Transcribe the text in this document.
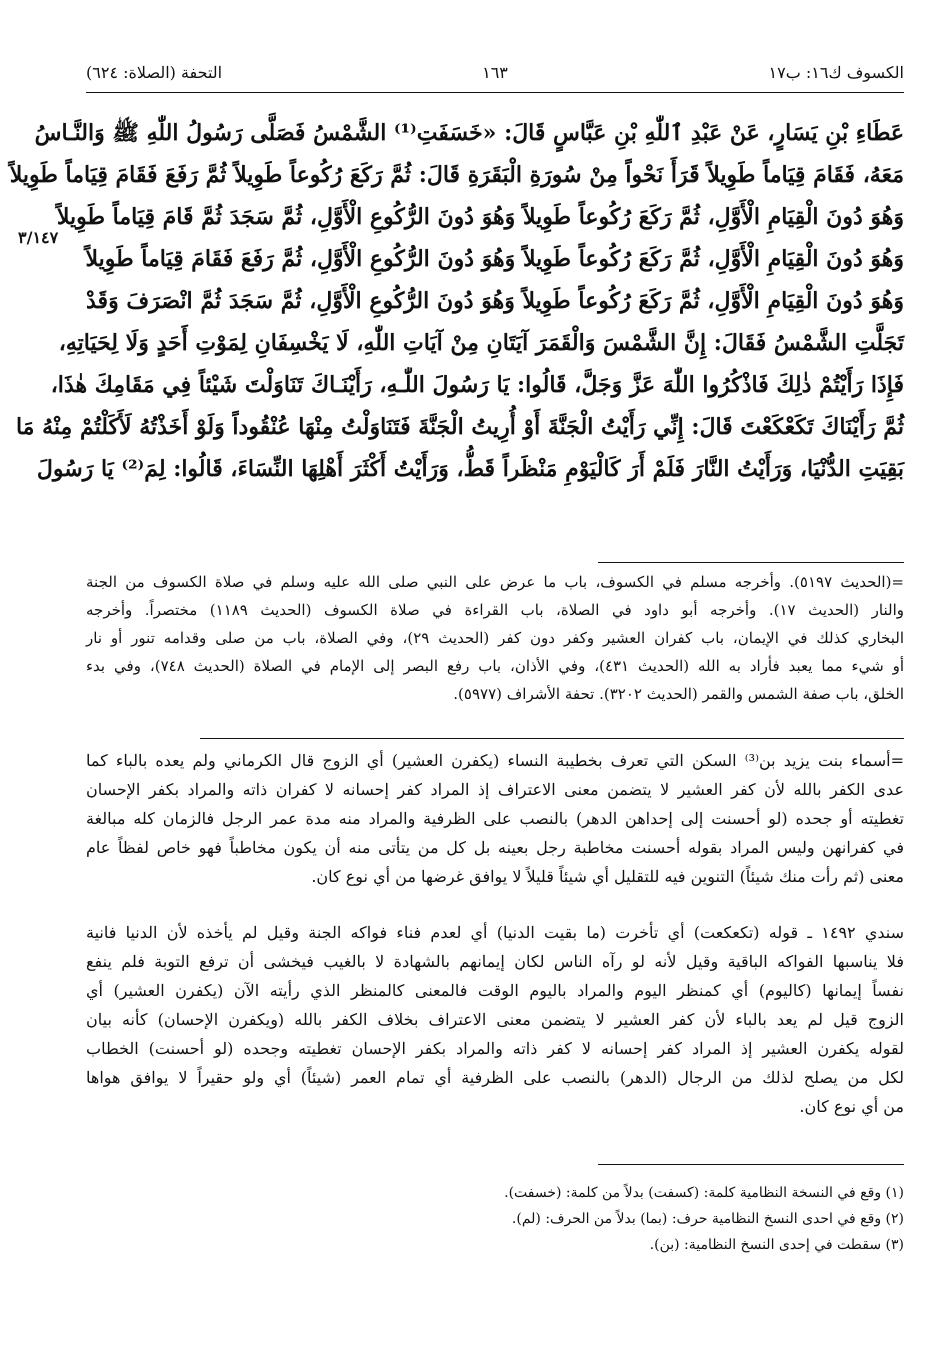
الكسوف ك١٦: ب١٧
١٦٣
التحفة (الصلاة: ٦٢٤)
٣/١٤٧
عَطَاءِ بْنِ يَسَارٍ، عَنْ عَبْدِ ٱللّٰهِ بْنِ عَبَّاسٍ قَالَ: «خَسَفَتِ⁽¹⁾ الشَّمْسُ فَصَلَّى رَسُولُ اللّٰهِ ﷺ وَالنَّـاسُ
مَعَهُ، فَقَامَ قِيَاماً طَوِيلاً قَرَأَ نَحْواً مِنْ سُورَةِ الْبَقَرَةِ قَالَ: ثُمَّ رَكَعَ رُكُوعاً طَوِيلاً ثُمَّ رَفَعَ فَقَامَ قِيَاماً طَوِيلاً
وَهُوَ دُونَ الْقِيَامِ الْأَوَّلِ، ثُمَّ رَكَعَ رُكُوعاً طَوِيلاً وَهُوَ دُونَ الرُّكُوعِ الْأَوَّلِ، ثُمَّ سَجَدَ ثُمَّ قَامَ قِيَاماً طَوِيلاً
وَهُوَ دُونَ الْقِيَامِ الْأَوَّلِ، ثُمَّ رَكَعَ رُكُوعاً طَوِيلاً وَهُوَ دُونَ الرُّكُوعِ الْأَوَّلِ، ثُمَّ رَفَعَ فَقَامَ قِيَاماً طَوِيلاً
وَهُوَ دُونَ الْقِيَامِ الْأَوَّلِ، ثُمَّ رَكَعَ رُكُوعاً طَوِيلاً وَهُوَ دُونَ الرُّكُوعِ الْأَوَّلِ، ثُمَّ سَجَدَ ثُمَّ انْصَرَفَ وَقَدْ
تَجَلَّتِ الشَّمْسُ فَقَالَ: إِنَّ الشَّمْسَ وَالْقَمَرَ آيَتَانِ مِنْ آيَاتِ اللّٰهِ، لَا يَخْسِفَانِ لِمَوْتِ أَحَدٍ وَلَا لِحَيَاتِهِ،
فَإِذَا رَأَيْتُمْ ذٰلِكَ فَاذْكُرُوا اللّٰهَ عَزَّ وَجَلَّ، قَالُوا: يَا رَسُولَ اللّٰـهِ، رَأَيْنَـاكَ تَنَاوَلْتَ شَيْئاً فِي مَقَامِكَ هٰذَا،
ثُمَّ رَأَيْنَاكَ تَكَعْكَعْتَ قَالَ: إِنِّي رَأَيْتُ الْجَنَّةَ أَوْ أُرِيتُ الْجَنَّةَ فَتَنَاوَلْتُ مِنْهَا عُنْقُوداً وَلَوْ أَخَذْتُهُ لَأَكَلْتُمْ مِنْهُ مَا
بَقِيَتِ الدُّنْيَا، وَرَأَيْتُ النَّارَ فَلَمْ أَرَ كَالْيَوْمِ مَنْظَراً قَطُّ، وَرَأَيْتُ أَكْثَرَ أَهْلِهَا النِّسَاءَ، قَالُوا: لِمَ⁽²⁾ يَا رَسُولَ
=(الحديث ٥١٩٧). وأخرجه مسلم في الكسوف، باب ما عرض على النبي صلى الله عليه وسلم في صلاة الكسوف من الجنة
والنار (الحديث ١٧). وأخرجه أبو داود في الصلاة، باب القراءة في صلاة الكسوف (الحديث ١١٨٩) مختصراً. وأخرجه
البخاري كذلك في الإيمان، باب كفران العشير وكفر دون كفر (الحديث ٢٩)، وفي الصلاة، باب من صلى وقدامه تنور أو نار
أو شيء مما يعبد فأراد به الله (الحديث ٤٣١)، وفي الأذان، باب رفع البصر إلى الإمام في الصلاة (الحديث ٧٤٨)، وفي بدء
الخلق، باب صفة الشمس والقمر (الحديث ٣٢٠٢). تحفة الأشراف (٥٩٧٧).
=أسماء بنت يزيد بن⁽³⁾ السكن التي تعرف بخطيبة النساء (يكفرن العشير) أي الزوج قال الكرماني ولم يعده بالباء كما
عدى الكفر بالله لأن كفر العشير لا يتضمن معنى الاعتراف إذ المراد كفر إحسانه لا كفران ذاته والمراد بكفر الإحسان
تغطيته أو جحده (لو أحسنت إلى إحداهن الدهر) بالنصب على الظرفية والمراد منه مدة عمر الرجل فالزمان كله مبالغة
في كفرانهن وليس المراد بقوله أحسنت مخاطبة رجل بعينه بل كل من يتأتى منه أن يكون مخاطباً فهو خاص لفظاً عام
معنى (ثم رأت منك شيئاً) التنوين فيه للتقليل أي شيئاً قليلاً لا يوافق غرضها من أي نوع كان.
سندي ١٤٩٢ ـ قوله (تكعكعت) أي تأخرت (ما بقيت الدنيا) أي لعدم فناء فواكه الجنة وقيل لم يأخذه لأن الدنيا فانية
فلا يناسبها الفواكه الباقية وقيل لأنه لو رآه الناس لكان إيمانهم بالشهادة لا بالغيب فيخشى أن ترفع التوبة فلم ينفع
نفساً إيمانها (كاليوم) أي كمنظر اليوم والمراد باليوم الوقت فالمعنى كالمنظر الذي رأيته الآن (يكفرن العشير) أي
الزوج قيل لم يعد بالباء لأن كفر العشير لا يتضمن معنى الاعتراف بخلاف الكفر بالله (ويكفرن الإحسان) كأنه بيان
لقوله يكفرن العشير إذ المراد كفر إحسانه لا كفر ذاته والمراد بكفر الإحسان تغطيته وجحده (لو أحسنت) الخطاب
لكل من يصلح لذلك من الرجال (الدهر) بالنصب على الظرفية أي تمام العمر (شيئاً) أي ولو حقيراً لا يوافق هواها
من أي نوع كان.
(١) وقع في النسخة النظامية كلمة: (كسفت) بدلاً من كلمة: (خسفت).
(٢) وقع في احدى النسخ النظامية حرف: (بما) بدلاً من الحرف: (لم).
(٣) سقطت في إحدى النسخ النظامية: (بن).
